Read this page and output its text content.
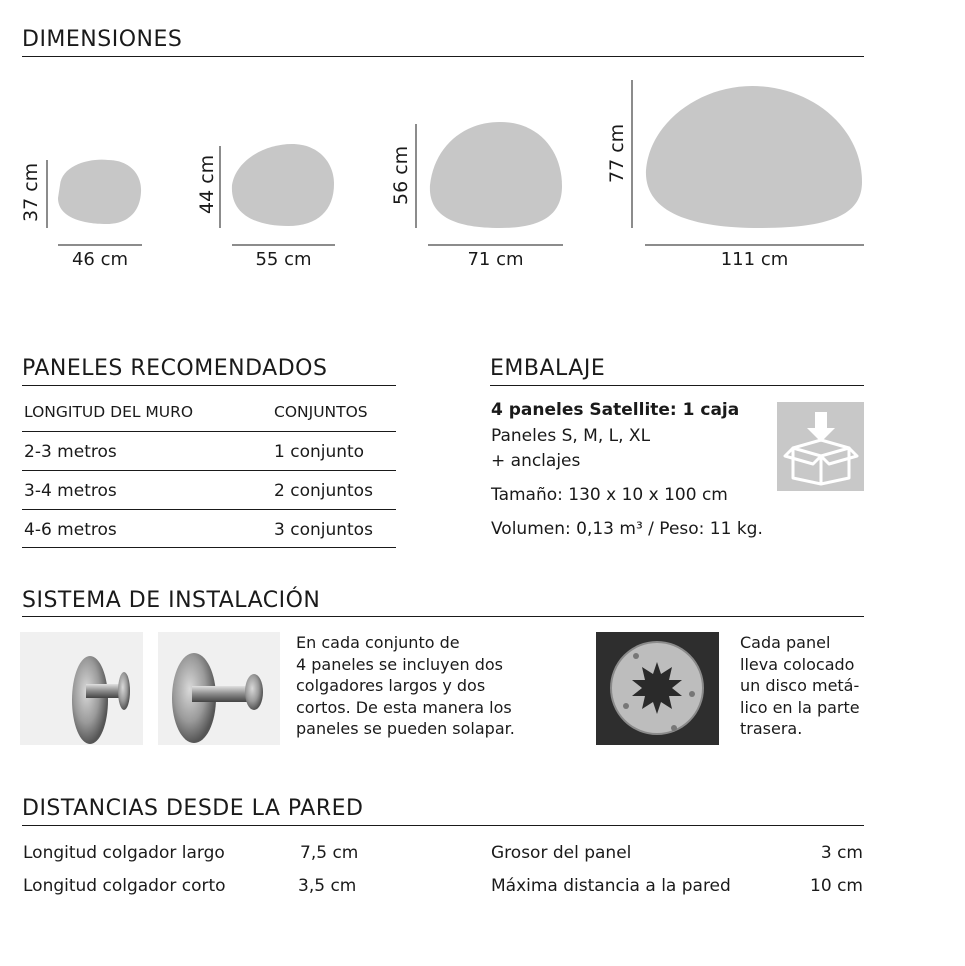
DIMENSIONES
37 cm	44 cm	56 cm	77 cm
46 cm	55 cm	71 cm	111 cm
PANELES RECOMENDADOS
LONGITUD DEL MURO	CONJUNTOS
2-3 metros	1 conjunto
3-4 metros	2 conjuntos
4-6 metros	3 conjuntos
EMBALAJE
4 paneles Satellite: 1 caja
Paneles S, M, L, XL
+ anclajes
Tamaño: 130 x 10 x 100 cm
Volumen: 0,13 m³ / Peso: 11 kg.
SISTEMA DE INSTALACIÓN
En cada conjunto de
4 paneles se incluyen dos
colgadores largos y dos
cortos. De esta manera los
paneles se pueden solapar.
Cada panel
lleva colocado
un disco metá-
lico en la parte
trasera.
DISTANCIAS DESDE LA PARED
Longitud colgador largo	7,5 cm
Longitud colgador corto	3,5 cm
Grosor del panel	3 cm
Máxima distancia a la pared	10 cm
